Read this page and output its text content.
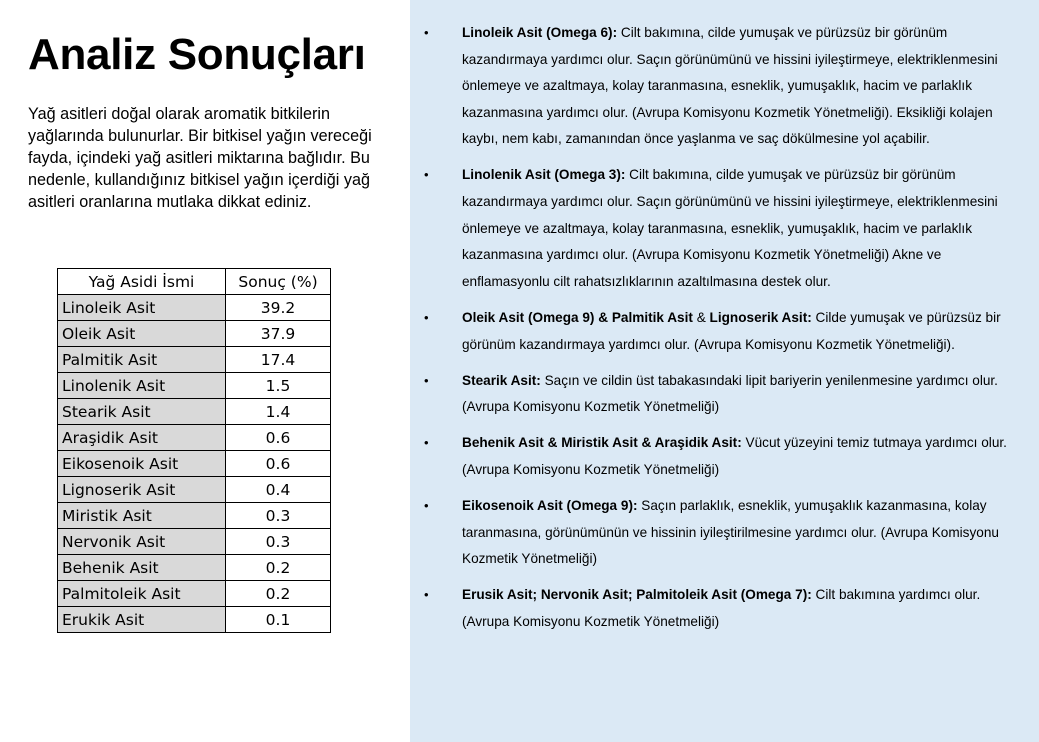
Analiz Sonuçları
Yağ asitleri doğal olarak aromatik bitkilerin yağlarında bulunurlar. Bir bitkisel yağın vereceği fayda, içindeki yağ asitleri miktarına bağlıdır. Bu nedenle, kullandığınız bitkisel yağın içerdiği yağ asitleri oranlarına mutlaka dikkat ediniz.
Yağ Asidi İsmi	Sonuç (%)
Linoleik Asit	39.2
Oleik Asit	37.9
Palmitik Asit	17.4
Linolenik Asit	1.5
Stearik Asit	1.4
Araşidik Asit	0.6
Eikosenoik Asit	0.6
Lignoserik Asit	0.4
Miristik Asit	0.3
Nervonik Asit	0.3
Behenik Asit	0.2
Palmitoleik Asit	0.2
Erukik Asit	0.1
• Linoleik Asit (Omega 6): Cilt bakımına, cilde yumuşak ve pürüzsüz bir görünüm kazandırmaya yardımcı olur. Saçın görünümünü ve hissini iyileştirmeye, elektriklenmesini önlemeye ve azaltmaya, kolay taranmasına, esneklik, yumuşaklık, hacim ve parlaklık kazanmasına yardımcı olur. (Avrupa Komisyonu Kozmetik Yönetmeliği). Eksikliği kolajen kaybı, nem kabı, zamanından önce yaşlanma ve saç dökülmesine yol açabilir.
• Linolenik Asit (Omega 3): Cilt bakımına, cilde yumuşak ve pürüzsüz bir görünüm kazandırmaya yardımcı olur. Saçın görünümünü ve hissini iyileştirmeye, elektriklenmesini önlemeye ve azaltmaya, kolay taranmasına, esneklik, yumuşaklık, hacim ve parlaklık kazanmasına yardımcı olur. (Avrupa Komisyonu Kozmetik Yönetmeliği) Akne ve enflamasyonlu cilt rahatsızlıklarının azaltılmasına destek olur.
• Oleik Asit (Omega 9) & Palmitik Asit & Lignoserik Asit: Cilde yumuşak ve pürüzsüz bir görünüm kazandırmaya yardımcı olur. (Avrupa Komisyonu Kozmetik Yönetmeliği).
• Stearik Asit: Saçın ve cildin üst tabakasındaki lipit bariyerin yenilenmesine yardımcı olur. (Avrupa Komisyonu Kozmetik Yönetmeliği)
• Behenik Asit & Miristik Asit & Araşidik Asit: Vücut yüzeyini temiz tutmaya yardımcı olur. (Avrupa Komisyonu Kozmetik Yönetmeliği)
• Eikosenoik Asit (Omega 9): Saçın parlaklık, esneklik, yumuşaklık kazanmasına, kolay taranmasına, görünümünün ve hissinin iyileştirilmesine yardımcı olur. (Avrupa Komisyonu Kozmetik Yönetmeliği)
• Erusik Asit; Nervonik Asit; Palmitoleik Asit (Omega 7): Cilt bakımına yardımcı olur. (Avrupa Komisyonu Kozmetik Yönetmeliği)
